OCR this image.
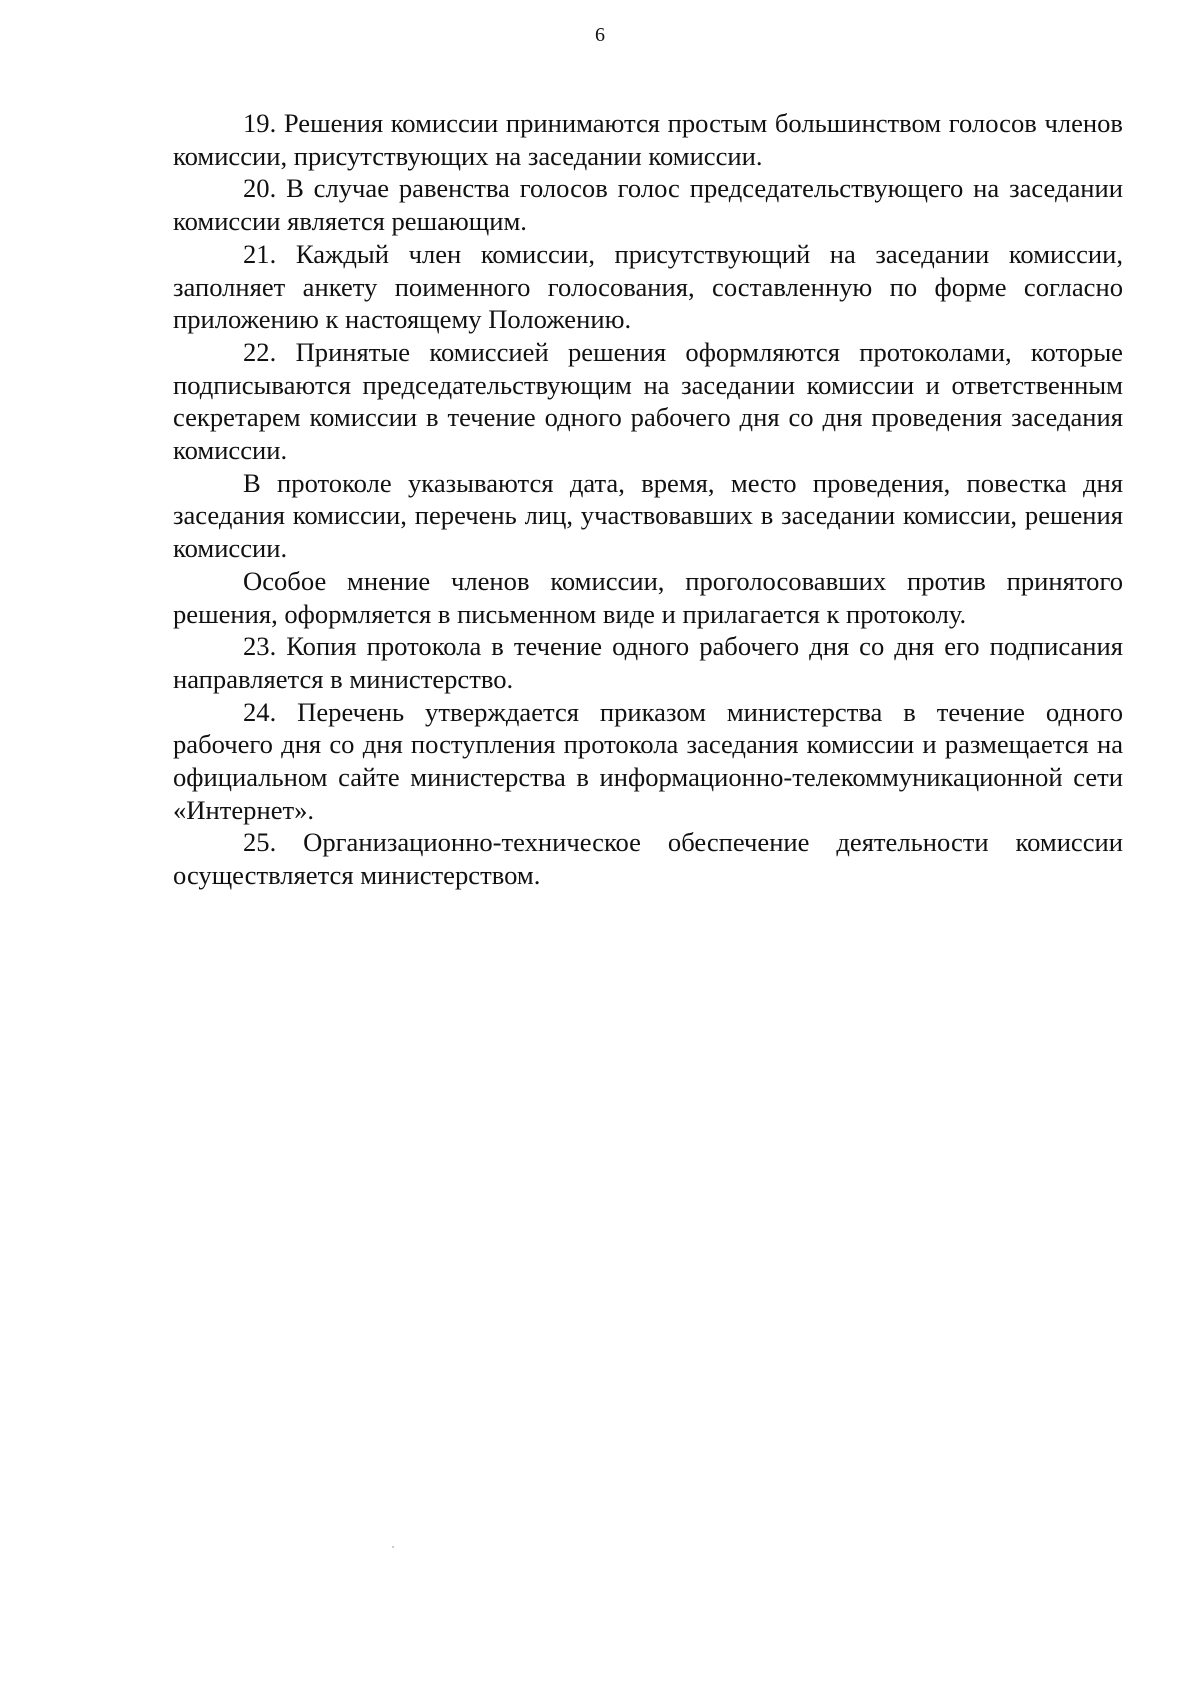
6

19. Решения комиссии принимаются простым большинством голосов членов комиссии, присутствующих на заседании комиссии.

20. В случае равенства голосов голос председательствующего на заседании комиссии является решающим.

21. Каждый член комиссии, присутствующий на заседании комиссии, заполняет анкету поименного голосования, составленную по форме согласно приложению к настоящему Положению.

22. Принятые комиссией решения оформляются протоколами, которые подписываются председательствующим на заседании комиссии и ответственным секретарем комиссии в течение одного рабочего дня со дня проведения заседания комиссии.

В протоколе указываются дата, время, место проведения, повестка дня заседания комиссии, перечень лиц, участвовавших в заседании комиссии, решения комиссии.

Особое мнение членов комиссии, проголосовавших против принятого решения, оформляется в письменном виде и прилагается к протоколу.

23. Копия протокола в течение одного рабочего дня со дня его подписания направляется в министерство.

24. Перечень утверждается приказом министерства в течение одного рабочего дня со дня поступления протокола заседания комиссии и размещается на официальном сайте министерства в информационно-телекоммуникационной сети «Интернет».

25. Организационно-техническое обеспечение деятельности комиссии осуществляется министерством.
